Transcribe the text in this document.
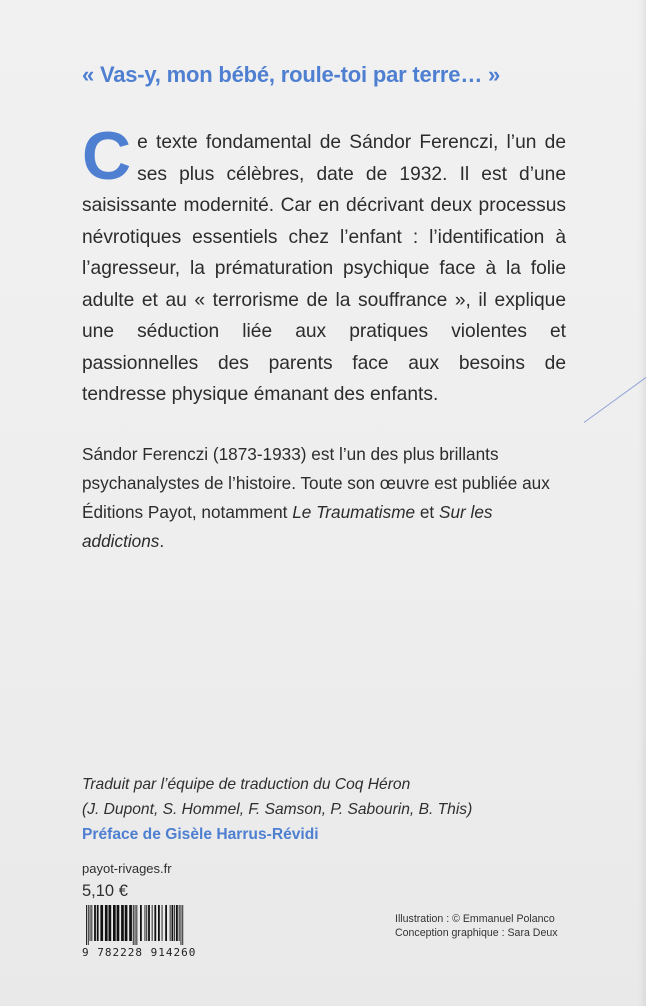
« Vas-y, mon bébé, roule-toi par terre… »

Ce texte fondamental de Sándor Ferenczi, l’un de ses plus célèbres, date de 1932. Il est d’une saisissante modernité. Car en décrivant deux processus névrotiques essentiels chez l’enfant : l’identification à l’agresseur, la prématuration psychique face à la folie adulte et au « terrorisme de la souffrance », il explique une séduction liée aux pratiques violentes et passionnelles des parents face aux besoins de tendresse physique émanant des enfants.

Sándor Ferenczi (1873-1933) est l’un des plus brillants psychanalystes de l’histoire. Toute son œuvre est publiée aux Éditions Payot, notamment Le Traumatisme et Sur les addictions.

Traduit par l’équipe de traduction du Coq Héron
(J. Dupont, S. Hommel, F. Samson, P. Sabourin, B. This)
Préface de Gisèle Harrus-Révidi
payot-rivages.fr
5,10 €
9 782228 914260
Illustration : © Emmanuel Polanco
Conception graphique : Sara Deux
